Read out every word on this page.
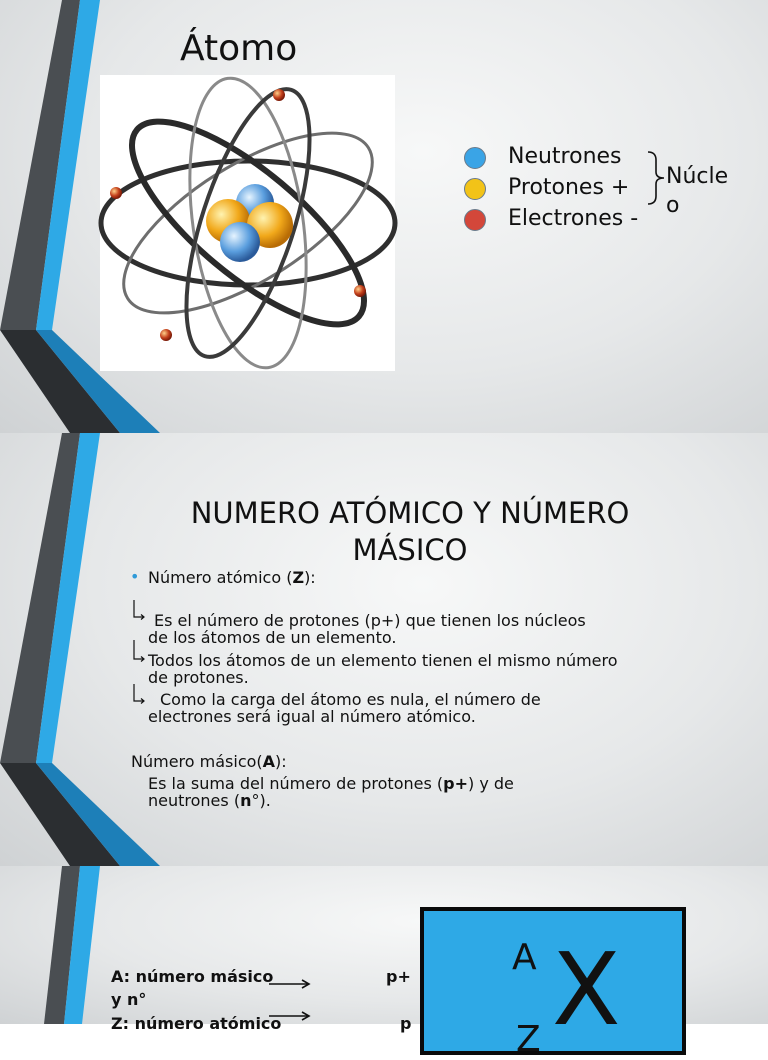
Átomo
Neutrones
Protones +
Electrones -
Núcleo
NUMERO ATÓMICO Y NÚMERO MÁSICO
• Número atómico (Z):
Es el número de protones (p+) que tienen los núcleos de los átomos de un elemento.
Todos los átomos de un elemento tienen el mismo número de protones.
Como la carga del átomo es nula, el número de electrones será igual al número atómico.
Número másico(A):
Es la suma del número de protones (p+) y de
neutrones (n°).
A: número másico	p+
y n°
Z: número atómico	p
A X
Z
